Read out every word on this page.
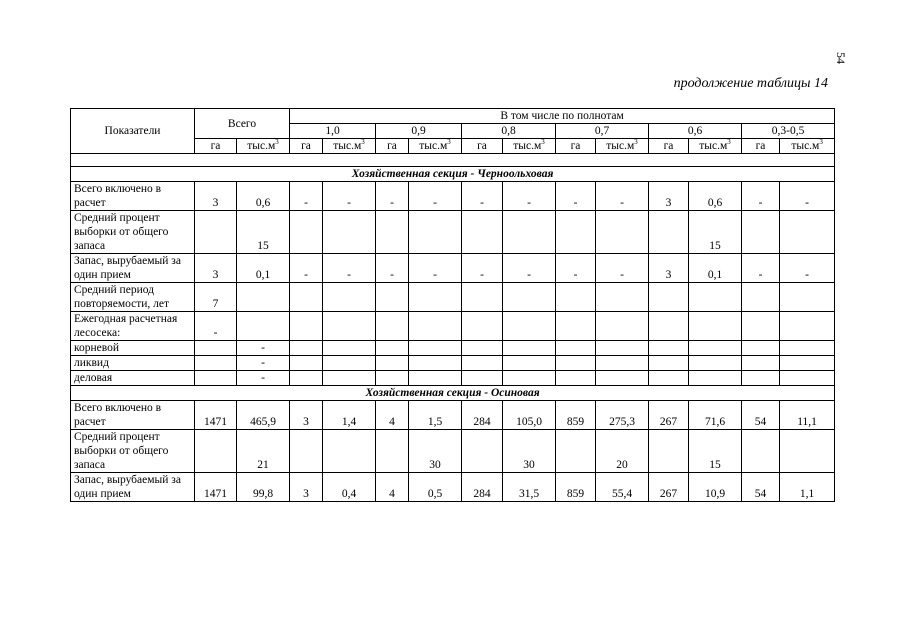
54
продолжение таблицы 14
Показатели	Всего		В том числе по полнотам											
			1,0		0,9		0,8		0,7		0,6		0,3-0,5	
	га	$тыс.м^3$	га	$тыс.м^3$	га	$тыс.м^3$	га	$тыс.м^3$	га	$тыс.м^3$	га	$тыс.м^3$	га	$тыс.м^3$

Хозяйственная секция - Черноольховая														
Всего включено в расчет	3	0,6	-	-	-	-	-	-	-	-	3	0,6	-	-
Средний процент выборки от общего запаса		15										15		
Запас, вырубаемый за один прием	3	0,1	-	-	-	-	-	-	-	-	3	0,1	-	-
Средний период повторяемости, лет	7													
Ежегодная расчетная лесосека:	-													
корневой		-												
ликвид		-												
деловая		-												
Хозяйственная секция - Осиновая														
Всего включено в расчет	1471	465,9	3	1,4	4	1,5	284	105,0	859	275,3	267	71,6	54	11,1
Средний процент выборки от общего запаса		21				30		30		20		15		
Запас, вырубаемый за один прием	1471	99,8	3	0,4	4	0,5	284	31,5	859	55,4	267	10,9	54	1,1
